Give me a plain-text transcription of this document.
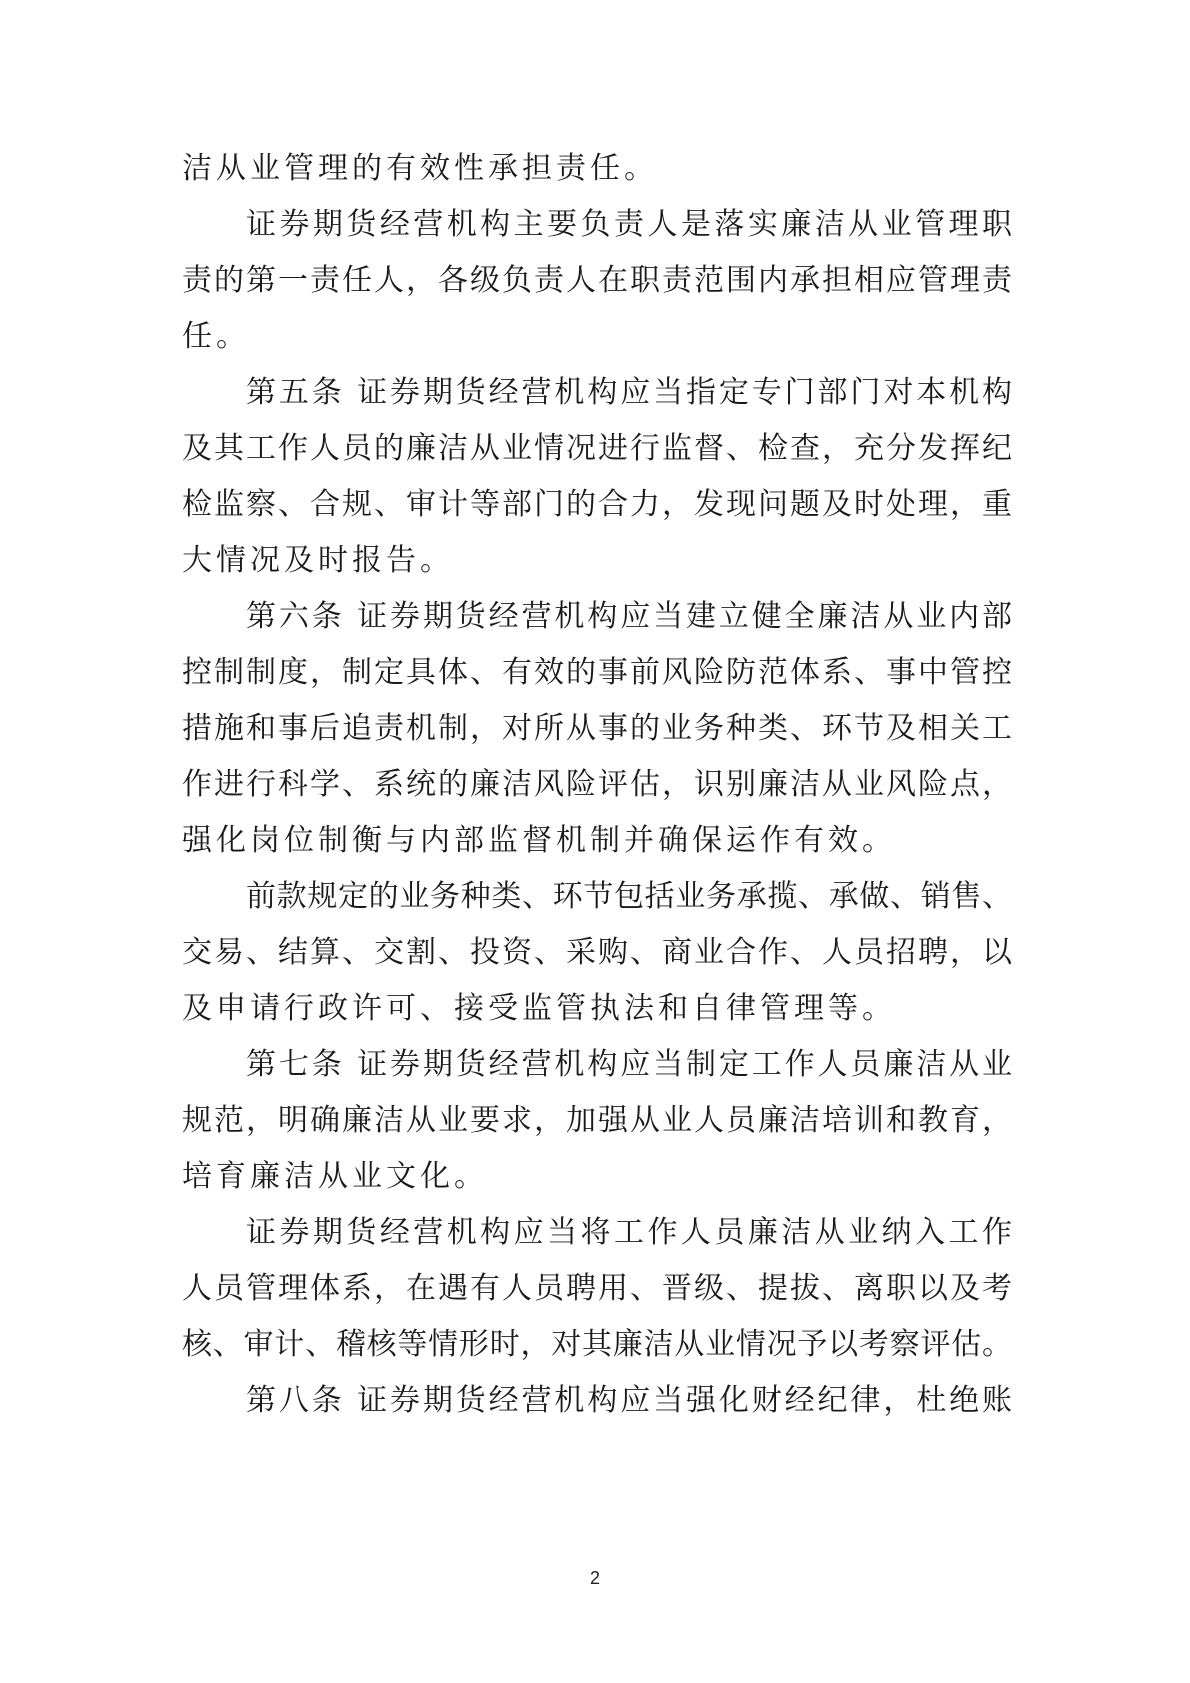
洁从业管理的有效性承担责任。
证券期货经营机构主要负责人是落实廉洁从业管理职
责的第一责任人，各级负责人在职责范围内承担相应管理责
任。
第五条 证券期货经营机构应当指定专门部门对本机构
及其工作人员的廉洁从业情况进行监督、检查，充分发挥纪
检监察、合规、审计等部门的合力，发现问题及时处理，重
大情况及时报告。
第六条 证券期货经营机构应当建立健全廉洁从业内部
控制制度，制定具体、有效的事前风险防范体系、事中管控
措施和事后追责机制，对所从事的业务种类、环节及相关工
作进行科学、系统的廉洁风险评估，识别廉洁从业风险点，
强化岗位制衡与内部监督机制并确保运作有效。
前款规定的业务种类、环节包括业务承揽、承做、销售、
交易、结算、交割、投资、采购、商业合作、人员招聘，以
及申请行政许可、接受监管执法和自律管理等。
第七条 证券期货经营机构应当制定工作人员廉洁从业
规范，明确廉洁从业要求，加强从业人员廉洁培训和教育，
培育廉洁从业文化。
证券期货经营机构应当将工作人员廉洁从业纳入工作
人员管理体系，在遇有人员聘用、晋级、提拔、离职以及考
核、审计、稽核等情形时，对其廉洁从业情况予以考察评估。
第八条 证券期货经营机构应当强化财经纪律，杜绝账
2
